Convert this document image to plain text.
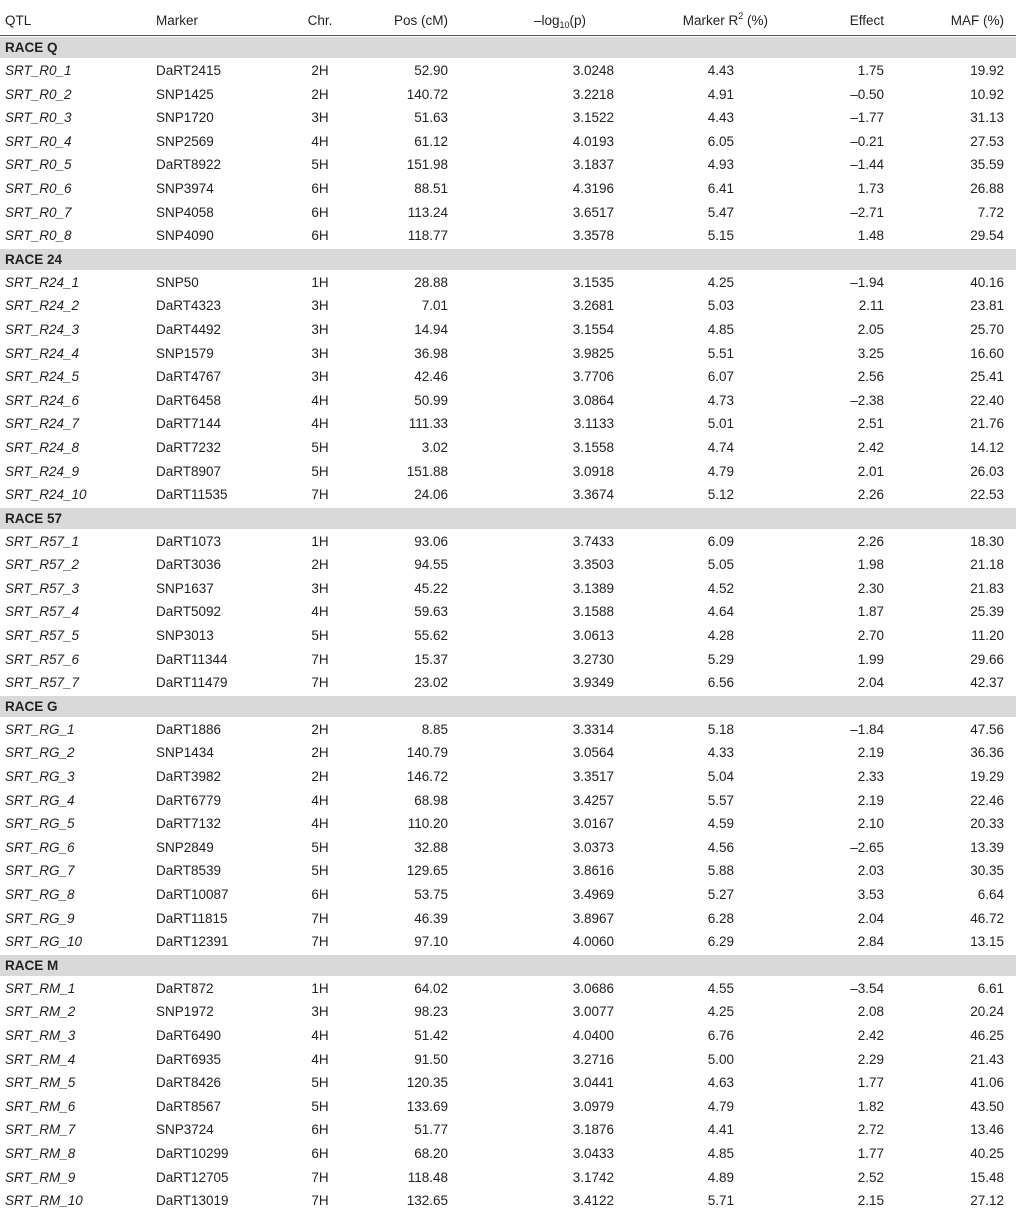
QTL	Marker	Chr.	Pos (cM)	$-\log_{10}(p)$	Marker $R^2$ (%)	Effect	MAF (%)
RACE Q
SRT_R0_1	DaRT2415	2H	52.90	3.0248	4.43	1.75	19.92
SRT_R0_2	SNP1425	2H	140.72	3.2218	4.91	–0.50	10.92
SRT_R0_3	SNP1720	3H	51.63	3.1522	4.43	–1.77	31.13
SRT_R0_4	SNP2569	4H	61.12	4.0193	6.05	–0.21	27.53
SRT_R0_5	DaRT8922	5H	151.98	3.1837	4.93	–1.44	35.59
SRT_R0_6	SNP3974	6H	88.51	4.3196	6.41	1.73	26.88
SRT_R0_7	SNP4058	6H	113.24	3.6517	5.47	–2.71	7.72
SRT_R0_8	SNP4090	6H	118.77	3.3578	5.15	1.48	29.54
RACE 24
SRT_R24_1	SNP50	1H	28.88	3.1535	4.25	–1.94	40.16
SRT_R24_2	DaRT4323	3H	7.01	3.2681	5.03	2.11	23.81
SRT_R24_3	DaRT4492	3H	14.94	3.1554	4.85	2.05	25.70
SRT_R24_4	SNP1579	3H	36.98	3.9825	5.51	3.25	16.60
SRT_R24_5	DaRT4767	3H	42.46	3.7706	6.07	2.56	25.41
SRT_R24_6	DaRT6458	4H	50.99	3.0864	4.73	–2.38	22.40
SRT_R24_7	DaRT7144	4H	111.33	3.1133	5.01	2.51	21.76
SRT_R24_8	DaRT7232	5H	3.02	3.1558	4.74	2.42	14.12
SRT_R24_9	DaRT8907	5H	151.88	3.0918	4.79	2.01	26.03
SRT_R24_10	DaRT11535	7H	24.06	3.3674	5.12	2.26	22.53
RACE 57
SRT_R57_1	DaRT1073	1H	93.06	3.7433	6.09	2.26	18.30
SRT_R57_2	DaRT3036	2H	94.55	3.3503	5.05	1.98	21.18
SRT_R57_3	SNP1637	3H	45.22	3.1389	4.52	2.30	21.83
SRT_R57_4	DaRT5092	4H	59.63	3.1588	4.64	1.87	25.39
SRT_R57_5	SNP3013	5H	55.62	3.0613	4.28	2.70	11.20
SRT_R57_6	DaRT11344	7H	15.37	3.2730	5.29	1.99	29.66
SRT_R57_7	DaRT11479	7H	23.02	3.9349	6.56	2.04	42.37
RACE G
SRT_RG_1	DaRT1886	2H	8.85	3.3314	5.18	–1.84	47.56
SRT_RG_2	SNP1434	2H	140.79	3.0564	4.33	2.19	36.36
SRT_RG_3	DaRT3982	2H	146.72	3.3517	5.04	2.33	19.29
SRT_RG_4	DaRT6779	4H	68.98	3.4257	5.57	2.19	22.46
SRT_RG_5	DaRT7132	4H	110.20	3.0167	4.59	2.10	20.33
SRT_RG_6	SNP2849	5H	32.88	3.0373	4.56	–2.65	13.39
SRT_RG_7	DaRT8539	5H	129.65	3.8616	5.88	2.03	30.35
SRT_RG_8	DaRT10087	6H	53.75	3.4969	5.27	3.53	6.64
SRT_RG_9	DaRT11815	7H	46.39	3.8967	6.28	2.04	46.72
SRT_RG_10	DaRT12391	7H	97.10	4.0060	6.29	2.84	13.15
RACE M
SRT_RM_1	DaRT872	1H	64.02	3.0686	4.55	–3.54	6.61
SRT_RM_2	SNP1972	3H	98.23	3.0077	4.25	2.08	20.24
SRT_RM_3	DaRT6490	4H	51.42	4.0400	6.76	2.42	46.25
SRT_RM_4	DaRT6935	4H	91.50	3.2716	5.00	2.29	21.43
SRT_RM_5	DaRT8426	5H	120.35	3.0441	4.63	1.77	41.06
SRT_RM_6	DaRT8567	5H	133.69	3.0979	4.79	1.82	43.50
SRT_RM_7	SNP3724	6H	51.77	3.1876	4.41	2.72	13.46
SRT_RM_8	DaRT10299	6H	68.20	3.0433	4.85	1.77	40.25
SRT_RM_9	DaRT12705	7H	118.48	3.1742	4.89	2.52	15.48
SRT_RM_10	DaRT13019	7H	132.65	3.4122	5.71	2.15	27.12
